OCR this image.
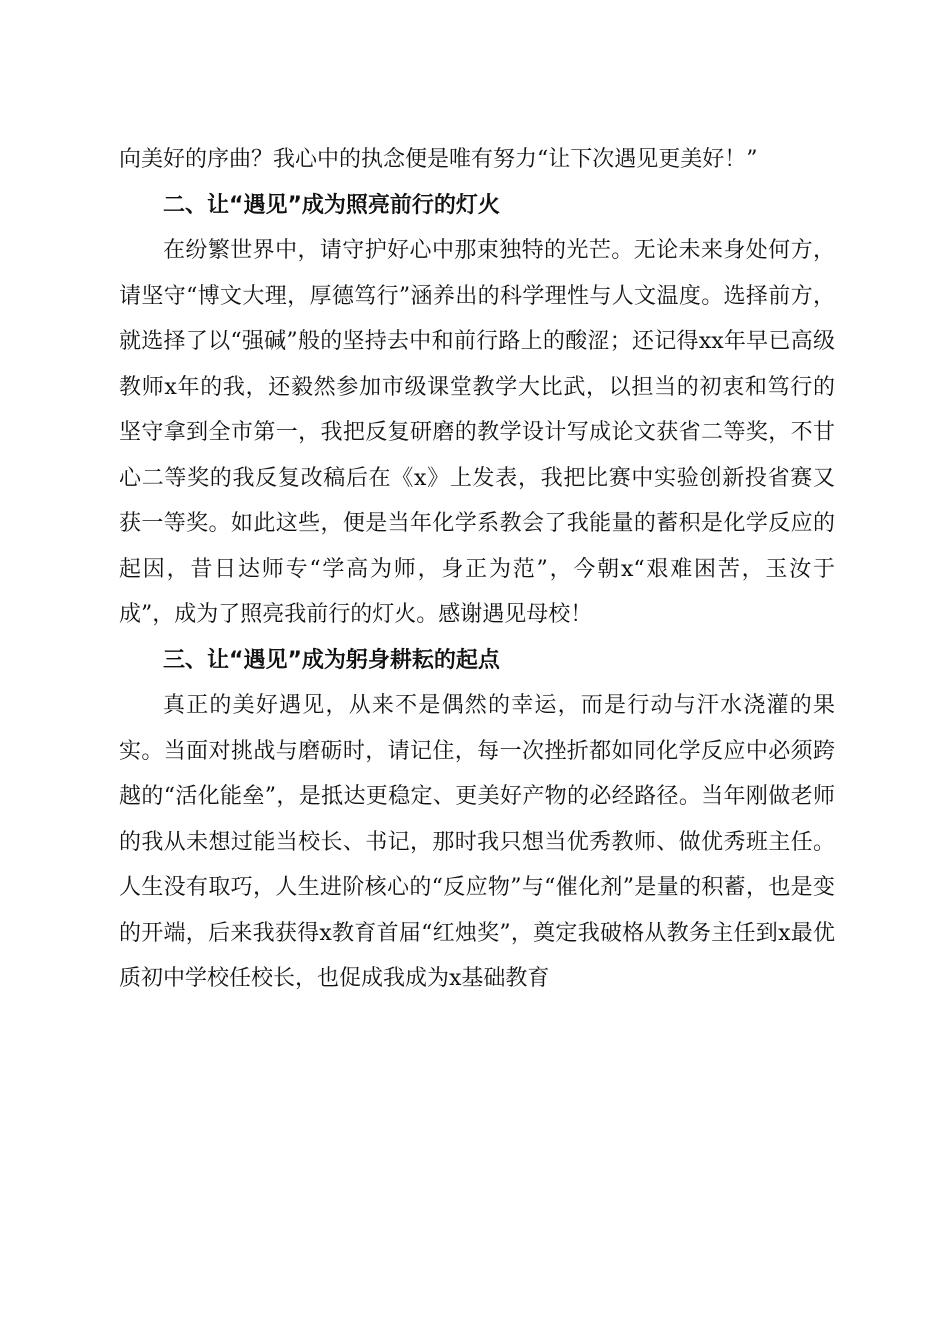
向美好的序曲？我心中的执念便是唯有努力“让下次遇见更美好！”

二、让“遇见”成为照亮前行的灯火

在纷繁世界中，请守护好心中那束独特的光芒。无论未来身处何方，请坚守“博文大理，厚德笃行”涵养出的科学理性与人文温度。选择前方，就选择了以“强碱”般的坚持去中和前行路上的酸涩；还记得xx年早已高级教师x年的我，还毅然参加市级课堂教学大比武，以担当的初衷和笃行的坚守拿到全市第一，我把反复研磨的教学设计写成论文获省二等奖，不甘心二等奖的我反复改稿后在《x》上发表，我把比赛中实验创新投省赛又获一等奖。如此这些，便是当年化学系教会了我能量的蓄积是化学反应的起因，昔日达师专“学高为师，身正为范”，今朝x“艰难困苦，玉汝于成”，成为了照亮我前行的灯火。感谢遇见母校！

三、让“遇见”成为躬身耕耘的起点

真正的美好遇见，从来不是偶然的幸运，而是行动与汗水浇灌的果实。当面对挑战与磨砺时，请记住，每一次挫折都如同化学反应中必须跨越的“活化能垒”，是抵达更稳定、更美好产物的必经路径。当年刚做老师的我从未想过能当校长、书记，那时我只想当优秀教师、做优秀班主任。人生没有取巧，人生进阶核心的“反应物”与“催化剂”是量的积蓄，也是变的开端，后来我获得x教育首届“红烛奖”，奠定我破格从教务主任到x最优质初中学校任校长，也促成我成为x基础教育
